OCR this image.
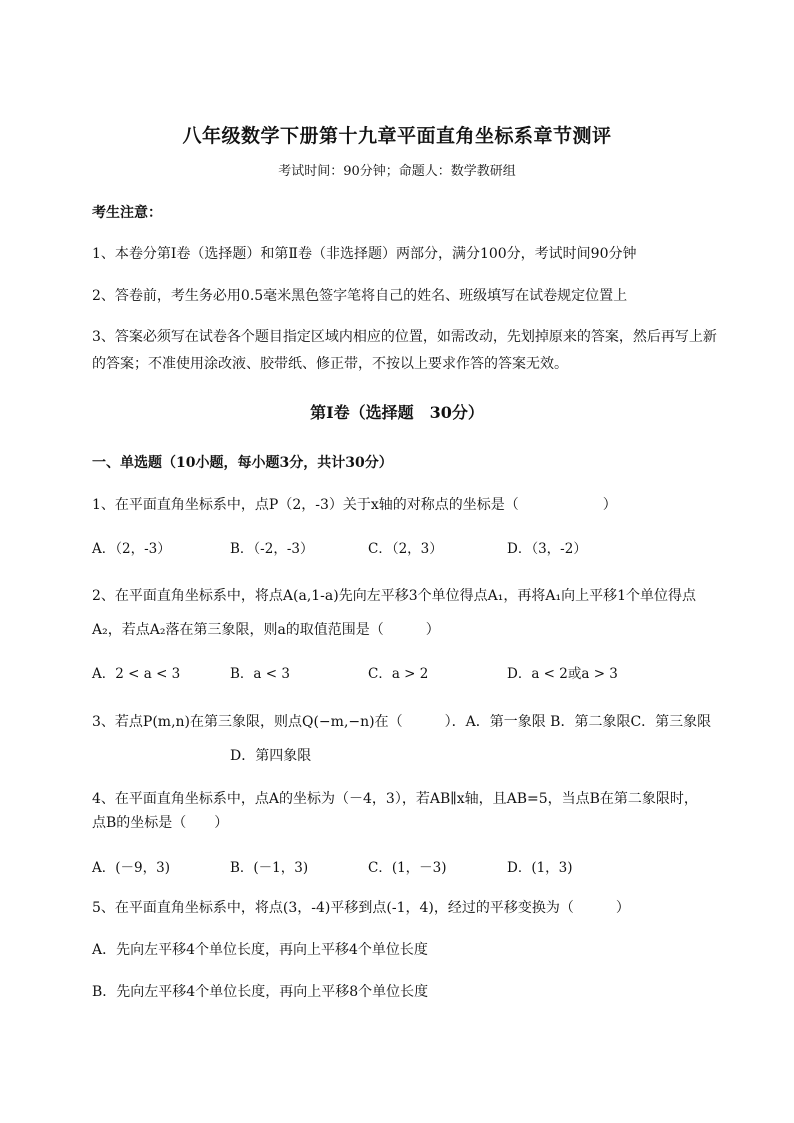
八年级数学下册第十九章平面直角坐标系章节测评
考试时间：90分钟；命题人：数学教研组
考生注意：
1、本卷分第Ⅰ卷（选择题）和第Ⅱ卷（非选择题）两部分，满分100分，考试时间90分钟
2、答卷前，考生务必用0.5毫米黑色签字笔将自己的姓名、班级填写在试卷规定位置上
3、答案必须写在试卷各个题目指定区域内相应的位置，如需改动，先划掉原来的答案，然后再写上新
的答案；不准使用涂改液、胶带纸、修正带，不按以上要求作答的答案无效。
第Ⅰ卷（选择题　30分）
一、单选题（10小题，每小题3分，共计30分）
1、在平面直角坐标系中，点P（2，-3）关于x轴的对称点的坐标是（　　　　　　）
A．（2，-3）	B．（-2，-3）	C．（2，3）	D．（3，-2）
2、在平面直角坐标系中，将点A(a,1-a)先向左平移3个单位得点A₁，再将A₁向上平移1个单位得点
A₂，若点A₂落在第三象限，则a的取值范围是（　　　）
A．2 < a < 3	B．a < 3	C．a > 2	D．a < 2或a > 3
3、若点P(m,n)在第三象限，则点Q(−m,−n)在（　　　）．A．第一象限 B．第二象限C．第三象限
D．第四象限
4、在平面直角坐标系中，点A的坐标为（－4，3），若AB∥x轴，且AB=5，当点B在第二象限时，
点B的坐标是（　　）
A．(－9，3)	B．(－1，3)	C．(1，－3)	D．(1，3)
5、在平面直角坐标系中，将点(3，-4)平移到点(-1，4)，经过的平移变换为（　　　）
A．先向左平移4个单位长度，再向上平移4个单位长度
B．先向左平移4个单位长度，再向上平移8个单位长度
